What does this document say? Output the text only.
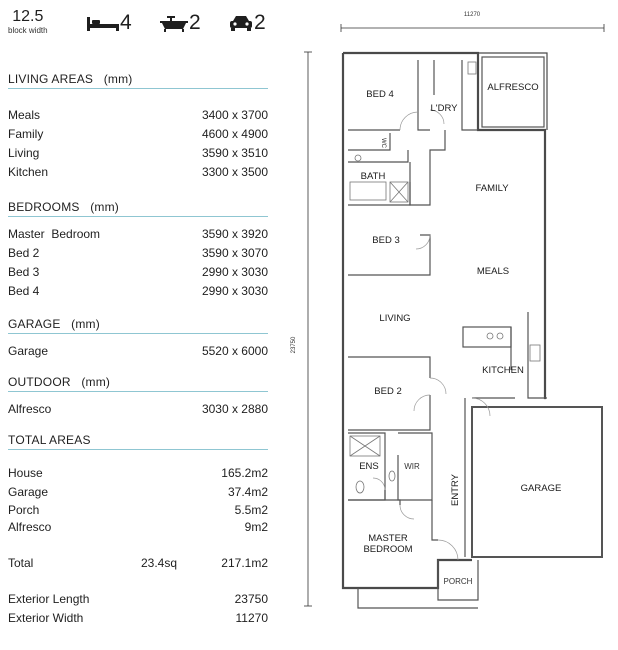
12.5
block width	4	2	2
LIVING AREAS (mm)
Meals	3400 x 3700
Family	4600 x 4900
Living	3590 x 3510
Kitchen	3300 x 3500
BEDROOMS (mm)
Master  Bedroom	3590 x 3920
Bed 2	3590 x 3070
Bed 3	2990 x 3030
Bed 4	2990 x 3030
GARAGE (mm)
Garage	5520 x 6000
OUTDOOR (mm)
Alfresco	3030 x 2880
TOTAL AREAS
House	165.2m2
Garage	37.4m2
Porch	5.5m2
Alfresco	9m2
Total	23.4sq	217.1m2
Exterior Length	23750
Exterior Width	11270
11270
23750
BED 4
L'DRY
ALFRESCO
WC
BATH
FAMILY
BED 3
MEALS
LIVING
KITCHEN
BED 2
ENS	WIR
GARAGE
ENTRY
MASTER
BEDROOM
PORCH
